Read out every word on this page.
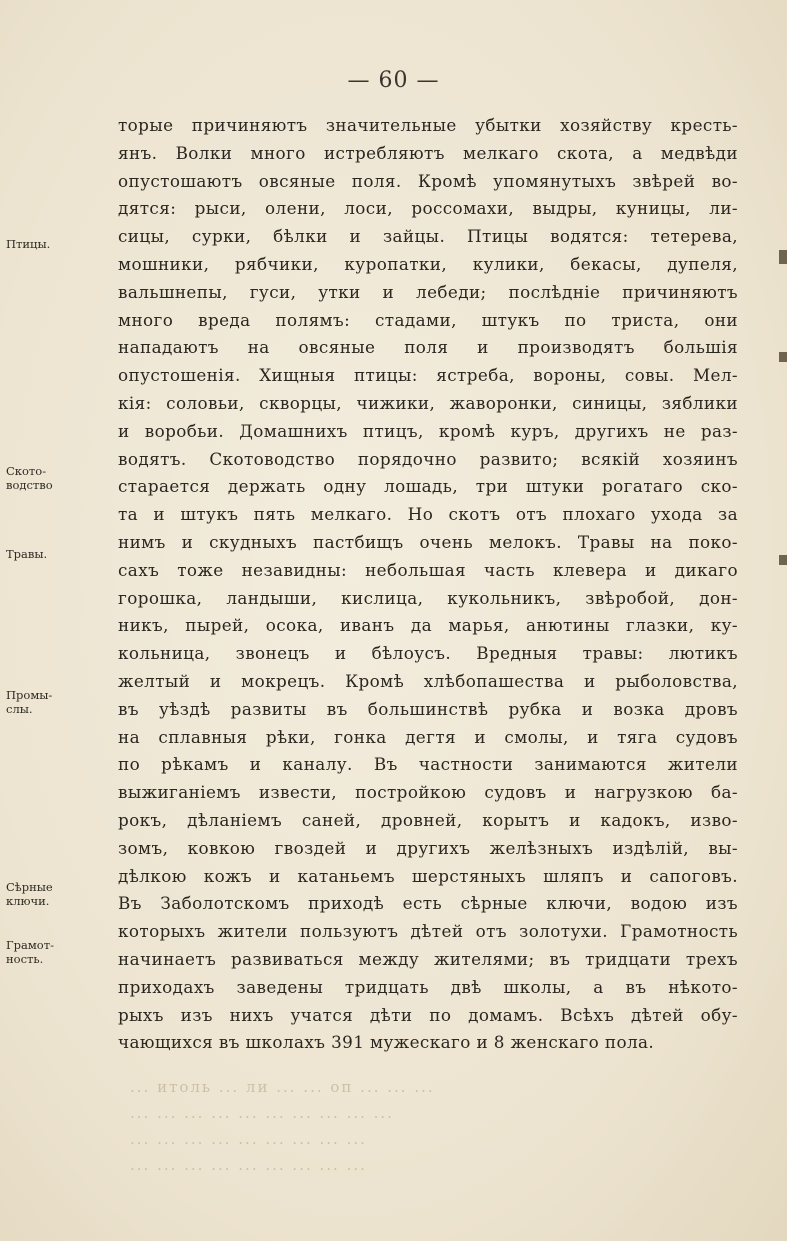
— 60 —
торые причиняютъ значительные убытки хозяйству кресть-
янъ. Волки много истребляютъ мелкаго скота, а медвѣди
опустошаютъ овсяные поля. Кромѣ упомянутыхъ звѣрей во-
дятся: рыси, олени, лоси, россомахи, выдры, куницы, ли-
сицы, сурки, бѣлки и зайцы. Птицы водятся: тетерева,
мошники, рябчики, куропатки, кулики, бекасы, дупеля,
вальшнепы, гуси, утки и лебеди; послѣдніе причиняютъ
много вреда полямъ: стадами, штукъ по триста, они
нападаютъ на овсяные поля и производятъ большія
опустошенія. Хищныя птицы: ястреба, вороны, совы. Мел-
кія: соловьи, скворцы, чижики, жаворонки, синицы, зяблики
и воробьи. Домашнихъ птицъ, кромѣ куръ, другихъ не раз-
водятъ. Скотоводство порядочно развито; всякій хозяинъ
старается держать одну лошадь, три штуки рогатаго ско-
та и штукъ пять мелкаго. Но скотъ отъ плохаго ухода за
нимъ и скудныхъ пастбищъ очень мелокъ. Травы на поко-
сахъ тоже незавидны: небольшая часть клевера и дикаго
горошка, ландыши, кислица, кукольникъ, звѣробой, дон-
никъ, пырей, осока, иванъ да марья, анютины глазки, ку-
кольница, звонецъ и бѣлоусъ. Вредныя травы: лютикъ
желтый и мокрецъ. Кромѣ хлѣбопашества и рыболовства,
въ уѣздѣ развиты въ большинствѣ рубка и возка дровъ
на сплавныя рѣки, гонка дегтя и смолы, и тяга судовъ
по рѣкамъ и каналу. Въ частности занимаются жители
выжиганіемъ извести, постройкою судовъ и нагрузкою ба-
рокъ, дѣланіемъ саней, дровней, корытъ и кадокъ, изво-
зомъ, ковкою гвоздей и другихъ желѣзныхъ издѣлій, вы-
дѣлкою кожъ и катаньемъ шерстяныхъ шляпъ и сапоговъ.
Въ Заболотскомъ приходѣ есть сѣрные ключи, водою изъ
которыхъ жители пользуютъ дѣтей отъ золотухи. Грамотность
начинаетъ развиваться между жителями; въ тридцати трехъ
приходахъ заведены тридцать двѣ школы, а въ нѣкото-
рыхъ изъ нихъ учатся дѣти по домамъ. Всѣхъ дѣтей обу-
чающихся въ школахъ 391 мужескаго и 8 женскаго пола.
Птицы.
Ското-водство
Травы.
Промы-слы.
Сѣрные ключи.
Грамот-ность.
... итоль ... ли ... ... оп ... ... ...
... ... ... ... ... ... ... ... ... ...
... ... ... ... ... ... ... ... ...
... ... ... ... ... ... ... ... ...
